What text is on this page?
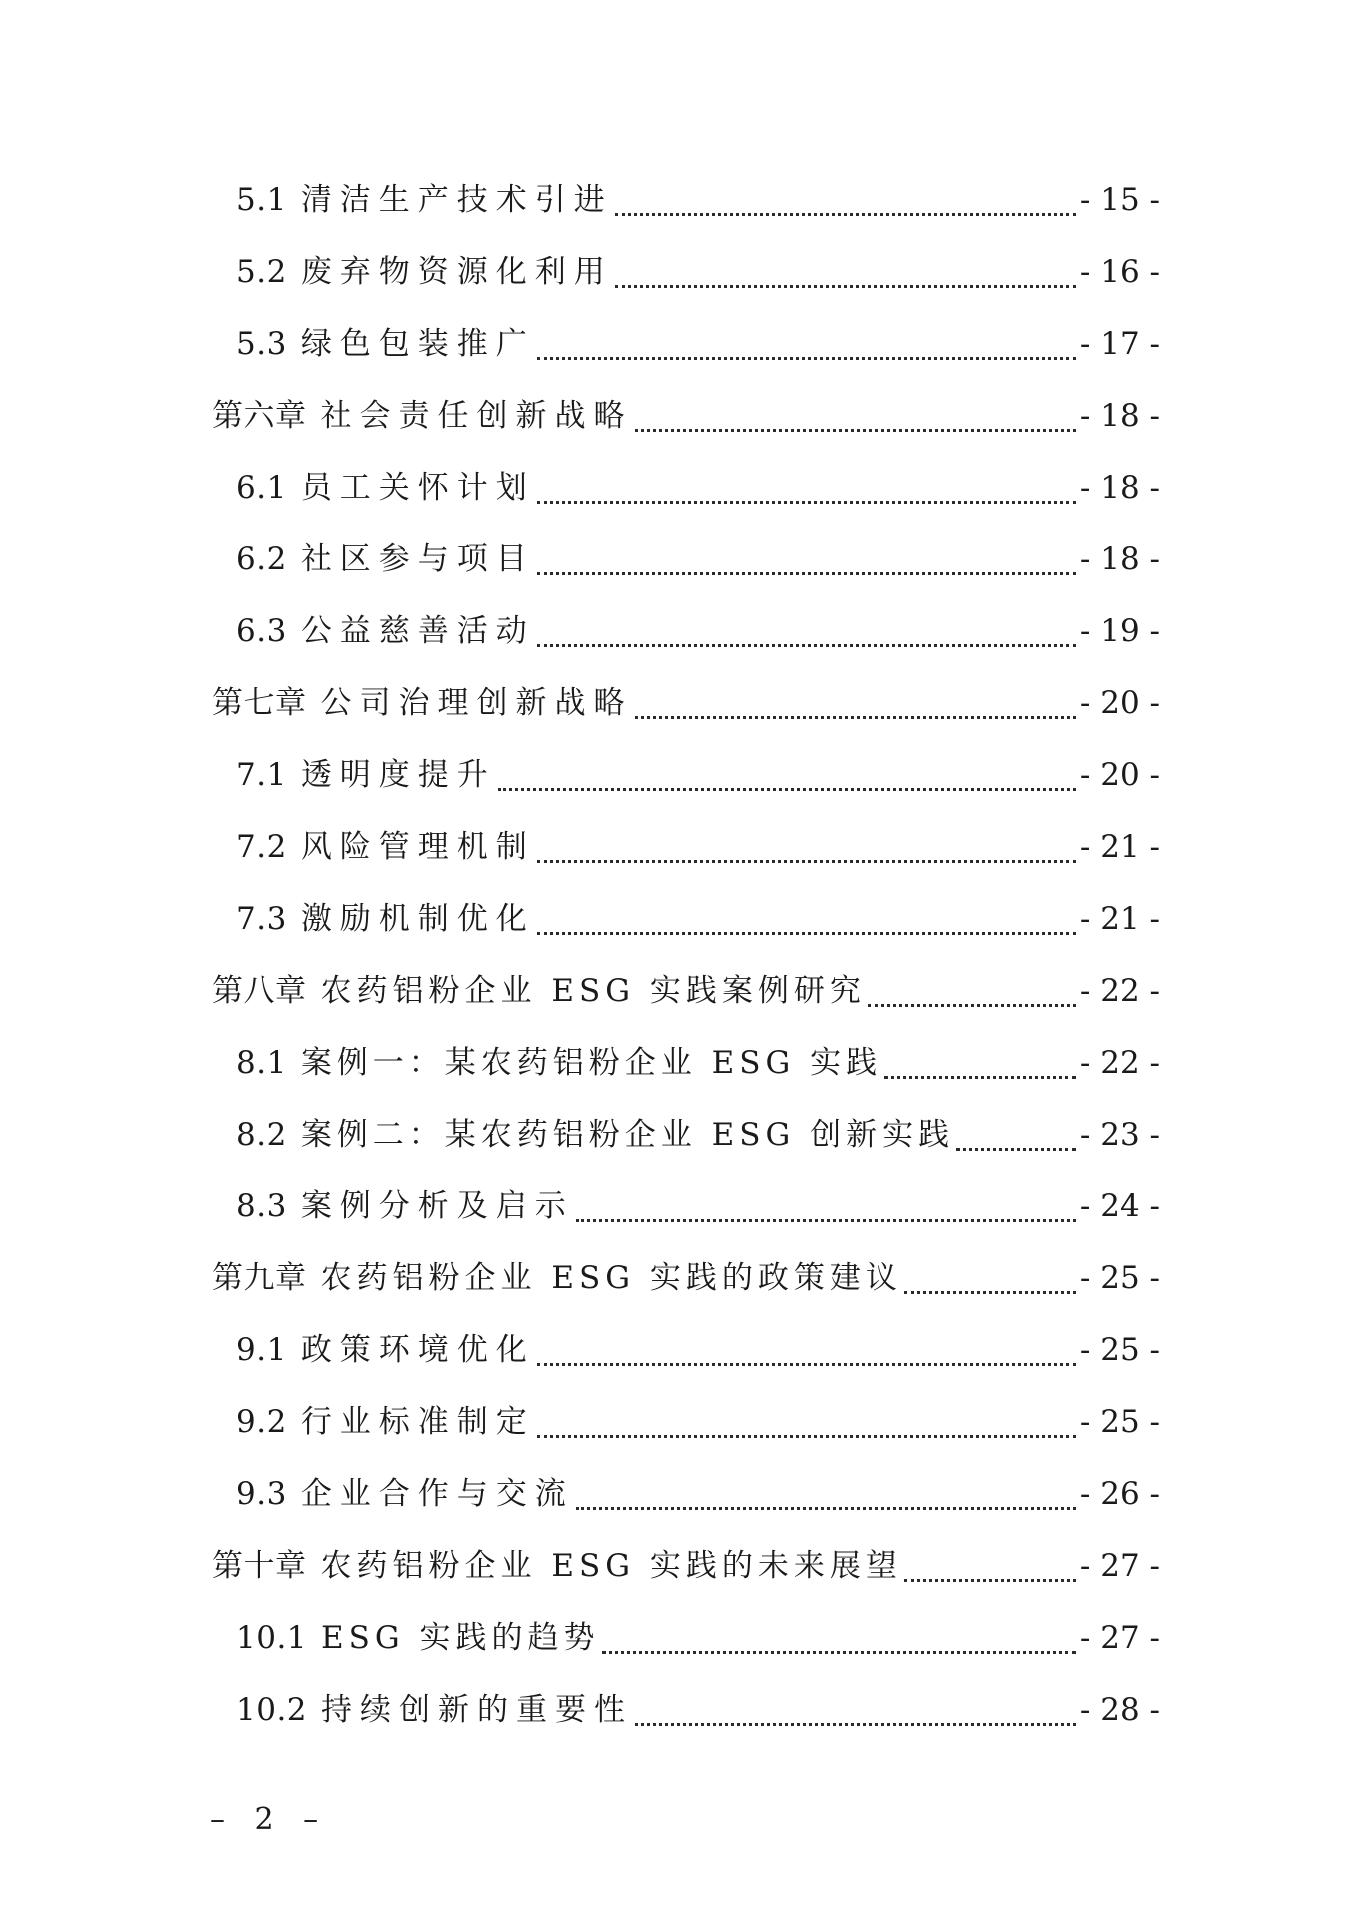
5.1 清洁生产技术引进	- 15 -
5.2 废弃物资源化利用	- 16 -
5.3 绿色包装推广	- 17 -
第六章 社会责任创新战略	- 18 -
6.1 员工关怀计划	- 18 -
6.2 社区参与项目	- 18 -
6.3 公益慈善活动	- 19 -
第七章 公司治理创新战略	- 20 -
7.1 透明度提升	- 20 -
7.2 风险管理机制	- 21 -
7.3 激励机制优化	- 21 -
第八章 农药铝粉企业 ESG 实践案例研究	- 22 -
8.1 案例一：某农药铝粉企业 ESG 实践	- 22 -
8.2 案例二：某农药铝粉企业 ESG 创新实践	- 23 -
8.3 案例分析及启示	- 24 -
第九章 农药铝粉企业 ESG 实践的政策建议	- 25 -
9.1 政策环境优化	- 25 -
9.2 行业标准制定	- 25 -
9.3 企业合作与交流	- 26 -
第十章 农药铝粉企业 ESG 实践的未来展望	- 27 -
10.1 ESG 实践的趋势	- 27 -
10.2 持续创新的重要性	- 28 -
– 2 –
